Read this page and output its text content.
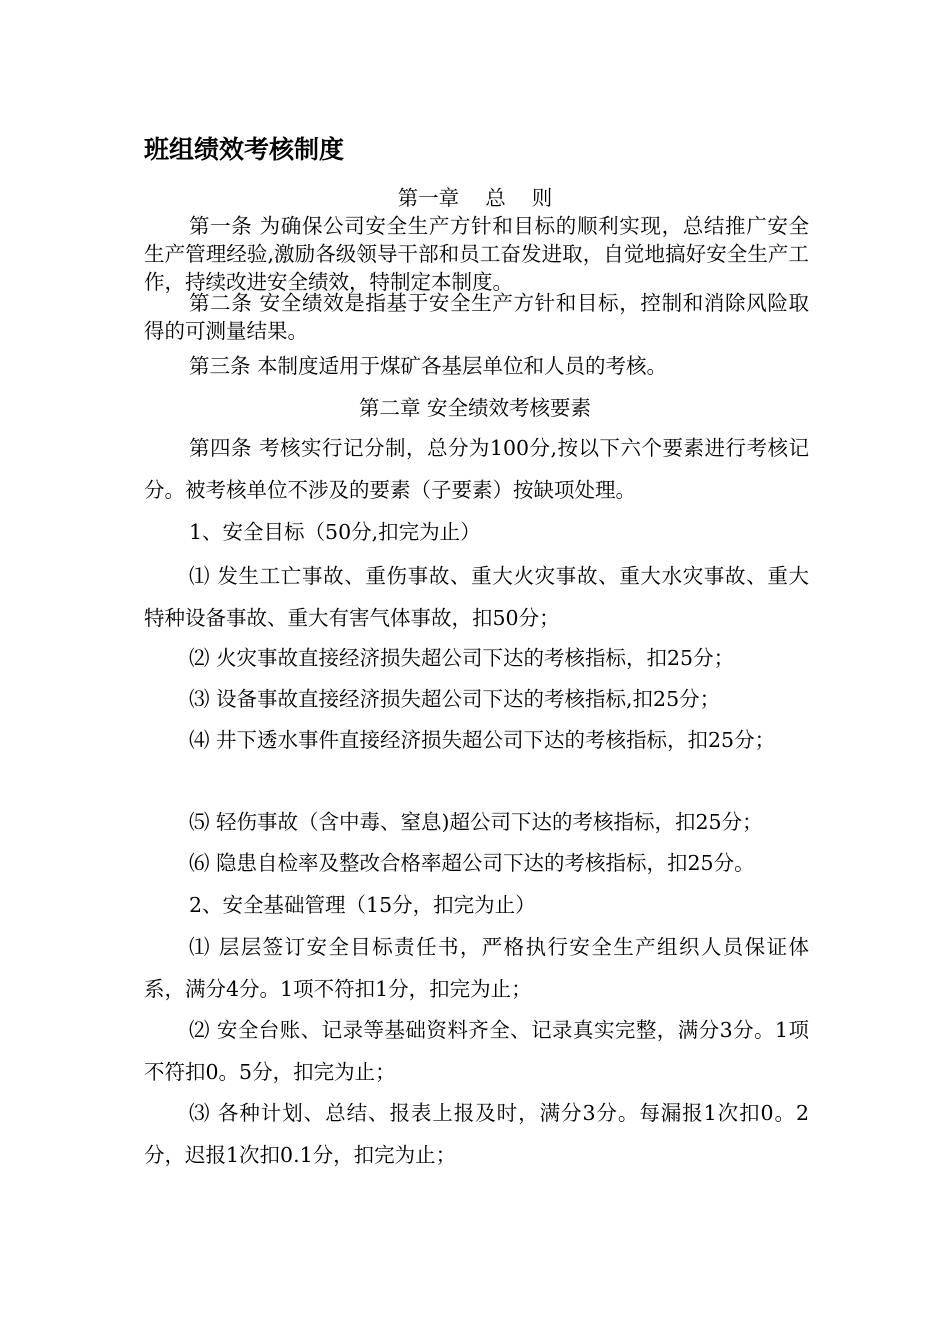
班组绩效考核制度
第一章    总    则
第一条 为确保公司安全生产方针和目标的顺利实现，总结推广安全生产管理经验,激励各级领导干部和员工奋发进取，自觉地搞好安全生产工作，持续改进安全绩效，特制定本制度。
第二条 安全绩效是指基于安全生产方针和目标，控制和消除风险取得的可测量结果。
第三条 本制度适用于煤矿各基层单位和人员的考核。
第二章 安全绩效考核要素
第四条 考核实行记分制，总分为100分,按以下六个要素进行考核记分。被考核单位不涉及的要素（子要素）按缺项处理。
1、安全目标（50分,扣完为止）
⑴ 发生工亡事故、重伤事故、重大火灾事故、重大水灾事故、重大特种设备事故、重大有害气体事故，扣50分；
⑵ 火灾事故直接经济损失超公司下达的考核指标，扣25分；
⑶ 设备事故直接经济损失超公司下达的考核指标,扣25分；
⑷ 井下透水事件直接经济损失超公司下达的考核指标，扣25分；
⑸ 轻伤事故（含中毒、窒息)超公司下达的考核指标，扣25分；
⑹ 隐患自检率及整改合格率超公司下达的考核指标，扣25分。
2、安全基础管理（15分，扣完为止）
⑴ 层层签订安全目标责任书，严格执行安全生产组织人员保证体系，满分4分。1项不符扣1分，扣完为止；
⑵ 安全台账、记录等基础资料齐全、记录真实完整，满分3分。1项不符扣0。5分，扣完为止；
⑶ 各种计划、总结、报表上报及时，满分3分。每漏报1次扣0。2分，迟报1次扣0.1分，扣完为止；
